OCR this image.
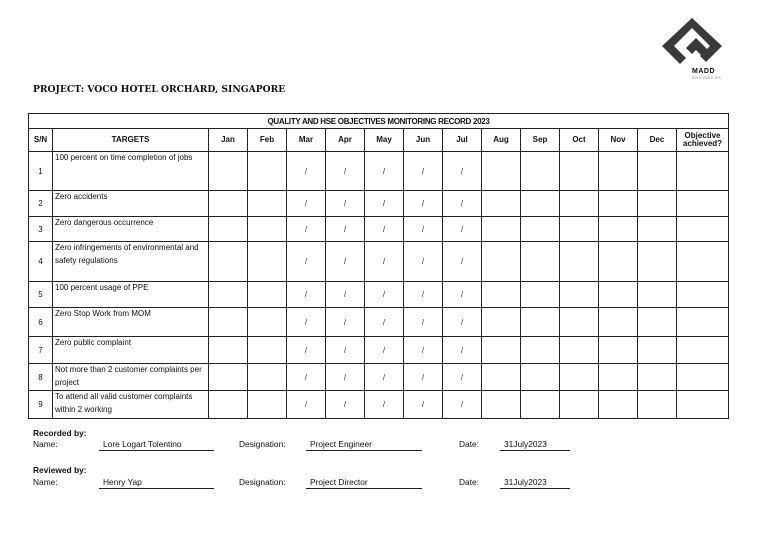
MADD
ENGINEERS
PROJECT: VOCO HOTEL ORCHARD, SINGAPORE
QUALITY AND HSE OBJECTIVES MONITORING RECORD 2023														
S/N	TARGETS	Jan	Feb	Mar	Apr	May	Jun	Jul	Aug	Sep	Oct	Nov	Dec	Objective achieved?
1	100 percent on time completion of jobs			/	/	/	/	/						
2	Zero accidents			/	/	/	/	/						
3	Zero dangerous occurrence			/	/	/	/	/						
4	Zero infringements of environmental and safety regulations			/	/	/	/	/						
5	100 percent usage of PPE			/	/	/	/	/						
6	Zero Stop Work from MOM			/	/	/	/	/						
7	Zero public complaint			/	/	/	/	/						
8	Not more than 2 customer complaints per project			/	/	/	/	/						
9	To attend all valid customer complaints within 2 working			/	/	/	/	/						
Recorded by:
Name:	Lore Logart Tolentino	Designation:	Project Engineer	Date:	31July2023
Reviewed by:
Name:	Henry Yap	Designation:	Project Director	Date:	31July2023
